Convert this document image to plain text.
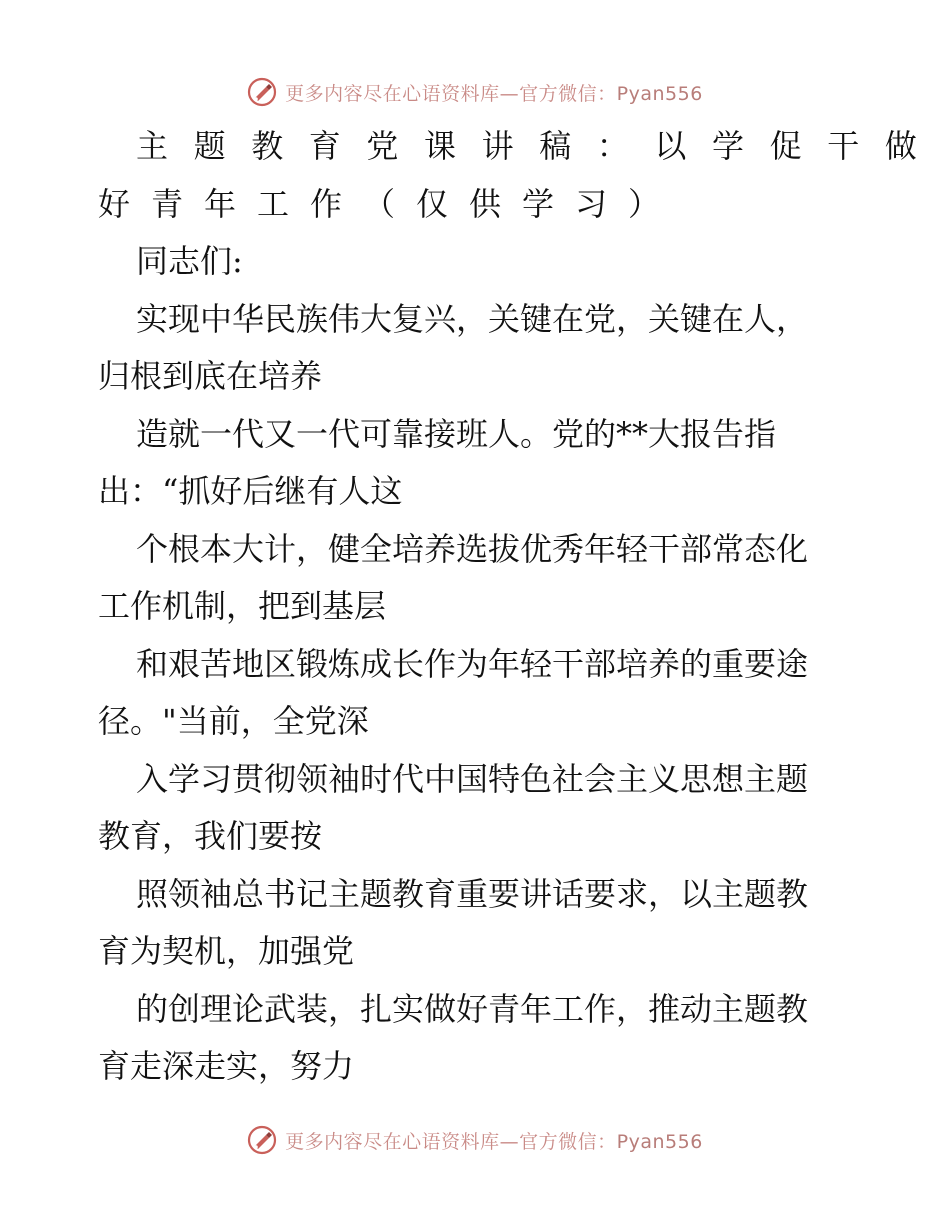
更多内容尽在心语资料库—官方微信：Pyan556
主题教育党课讲稿：以学促干做
好青年工作（仅供学习）
同志们:
实现中华民族伟大复兴，关键在党，关键在人，
归根到底在培养
造就一代又一代可靠接班人。党的**大报告指
出：“抓好后继有人这
个根本大计，健全培养选拔优秀年轻干部常态化
工作机制，把到基层
和艰苦地区锻炼成长作为年轻干部培养的重要途
径。"当前，全党深
入学习贯彻领袖时代中国特色社会主义思想主题
教育，我们要按
照领袖总书记主题教育重要讲话要求，以主题教
育为契机，加强党
的创理论武装，扎实做好青年工作，推动主题教
育走深走实，努力
更多内容尽在心语资料库—官方微信：Pyan556
